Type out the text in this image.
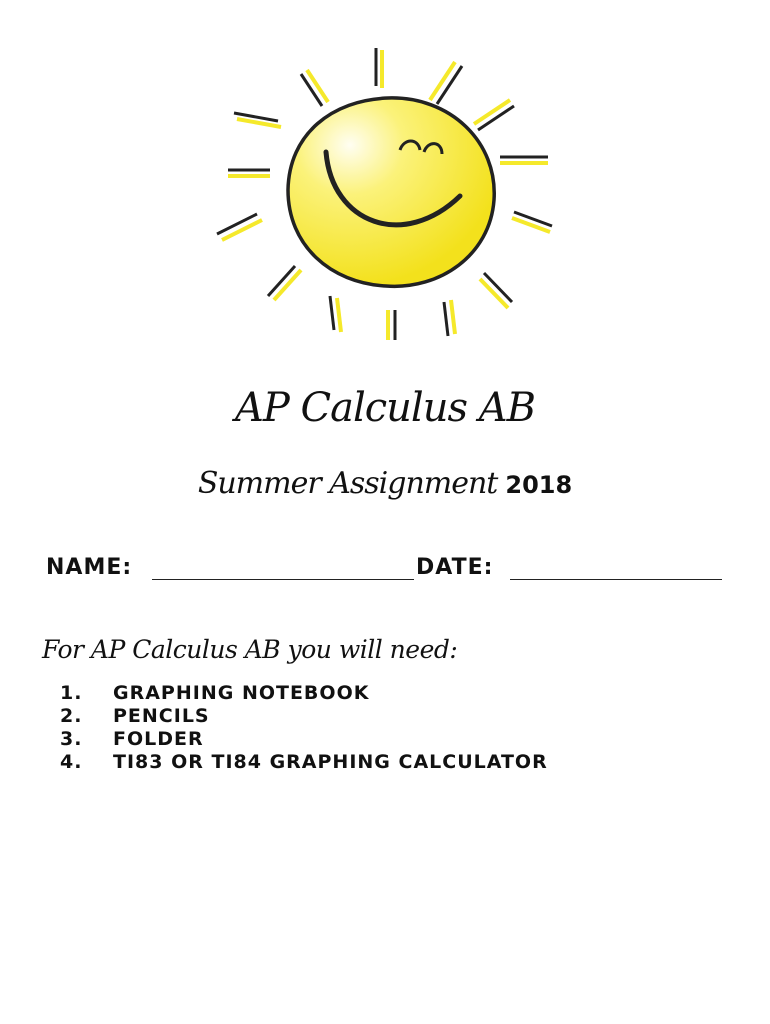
AP Calculus AB
Summer Assignment 2018
NAME:	DATE:
For AP Calculus AB you will need:
1. GRAPHING NOTEBOOK
2. PENCILS
3. FOLDER
4. TI83 OR TI84 GRAPHING CALCULATOR
